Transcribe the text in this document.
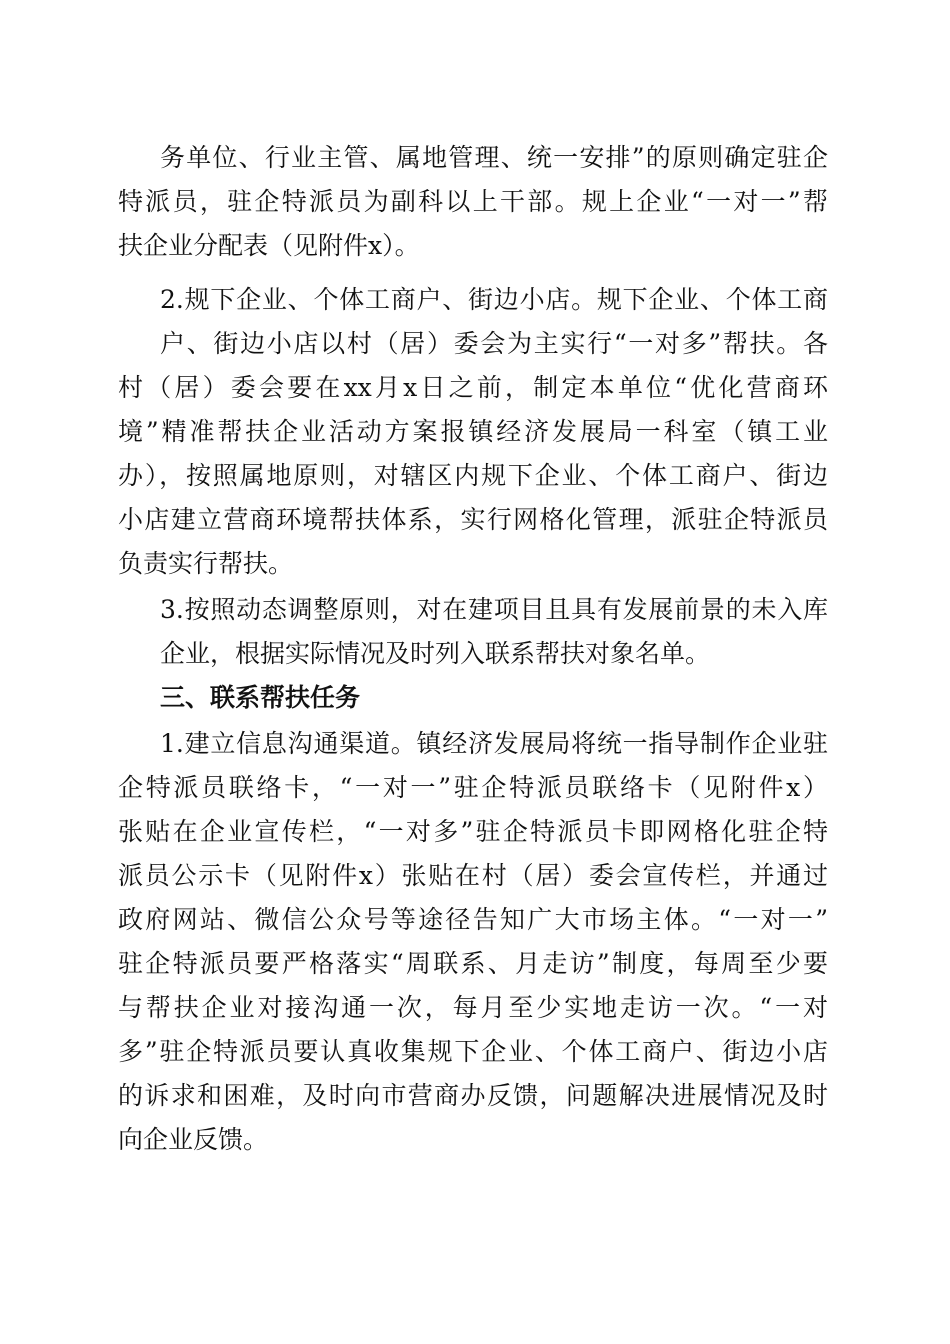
务单位、行业主管、属地管理、统一安排”的原则确定驻企
特派员，驻企特派员为副科以上干部。规上企业“一对一”帮
扶企业分配表（见附件x）。
2.规下企业、个体工商户、街边小店。规下企业、个体工商
户、街边小店以村（居）委会为主实行“一对多”帮扶。各
村（居）委会要在xx月x日之前，制定本单位“优化营商环
境”精准帮扶企业活动方案报镇经济发展局一科室（镇工业
办），按照属地原则，对辖区内规下企业、个体工商户、街边
小店建立营商环境帮扶体系，实行网格化管理，派驻企特派员
负责实行帮扶。
3.按照动态调整原则，对在建项目且具有发展前景的未入库
企业，根据实际情况及时列入联系帮扶对象名单。
三、联系帮扶任务
1.建立信息沟通渠道。镇经济发展局将统一指导制作企业驻
企特派员联络卡，“一对一”驻企特派员联络卡（见附件x）
张贴在企业宣传栏，“一对多”驻企特派员卡即网格化驻企特
派员公示卡（见附件x）张贴在村（居）委会宣传栏，并通过
政府网站、微信公众号等途径告知广大市场主体。“一对一”
驻企特派员要严格落实“周联系、月走访”制度，每周至少要
与帮扶企业对接沟通一次，每月至少实地走访一次。“一对
多”驻企特派员要认真收集规下企业、个体工商户、街边小店
的诉求和困难，及时向市营商办反馈，问题解决进展情况及时
向企业反馈。
